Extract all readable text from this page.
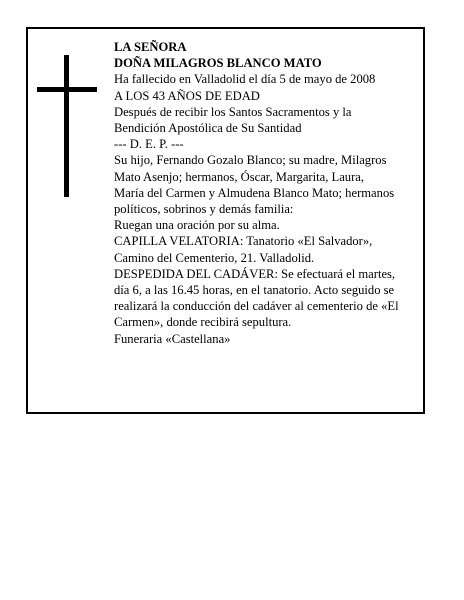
LA SEÑORA
DOÑA MILAGROS BLANCO MATO
Ha fallecido en Valladolid el día 5 de mayo de 2008
A LOS 43 AÑOS DE EDAD
Después de recibir los Santos Sacramentos y la
Bendición Apostólica de Su Santidad
--- D. E. P. ---
Su hijo, Fernando Gozalo Blanco; su madre, Milagros
Mato Asenjo; hermanos, Óscar, Margarita, Laura,
María del Carmen y Almudena Blanco Mato; hermanos
políticos, sobrinos y demás familia:
Ruegan una oración por su alma.
CAPILLA VELATORIA: Tanatorio «El Salvador»,
Camino del Cementerio, 21. Valladolid.
DESPEDIDA DEL CADÁVER: Se efectuará el martes,
día 6, a las 16.45 horas, en el tanatorio. Acto seguido se
realizará la conducción del cadáver al cementerio de «El
Carmen», donde recibirá sepultura.
Funeraria «Castellana»
